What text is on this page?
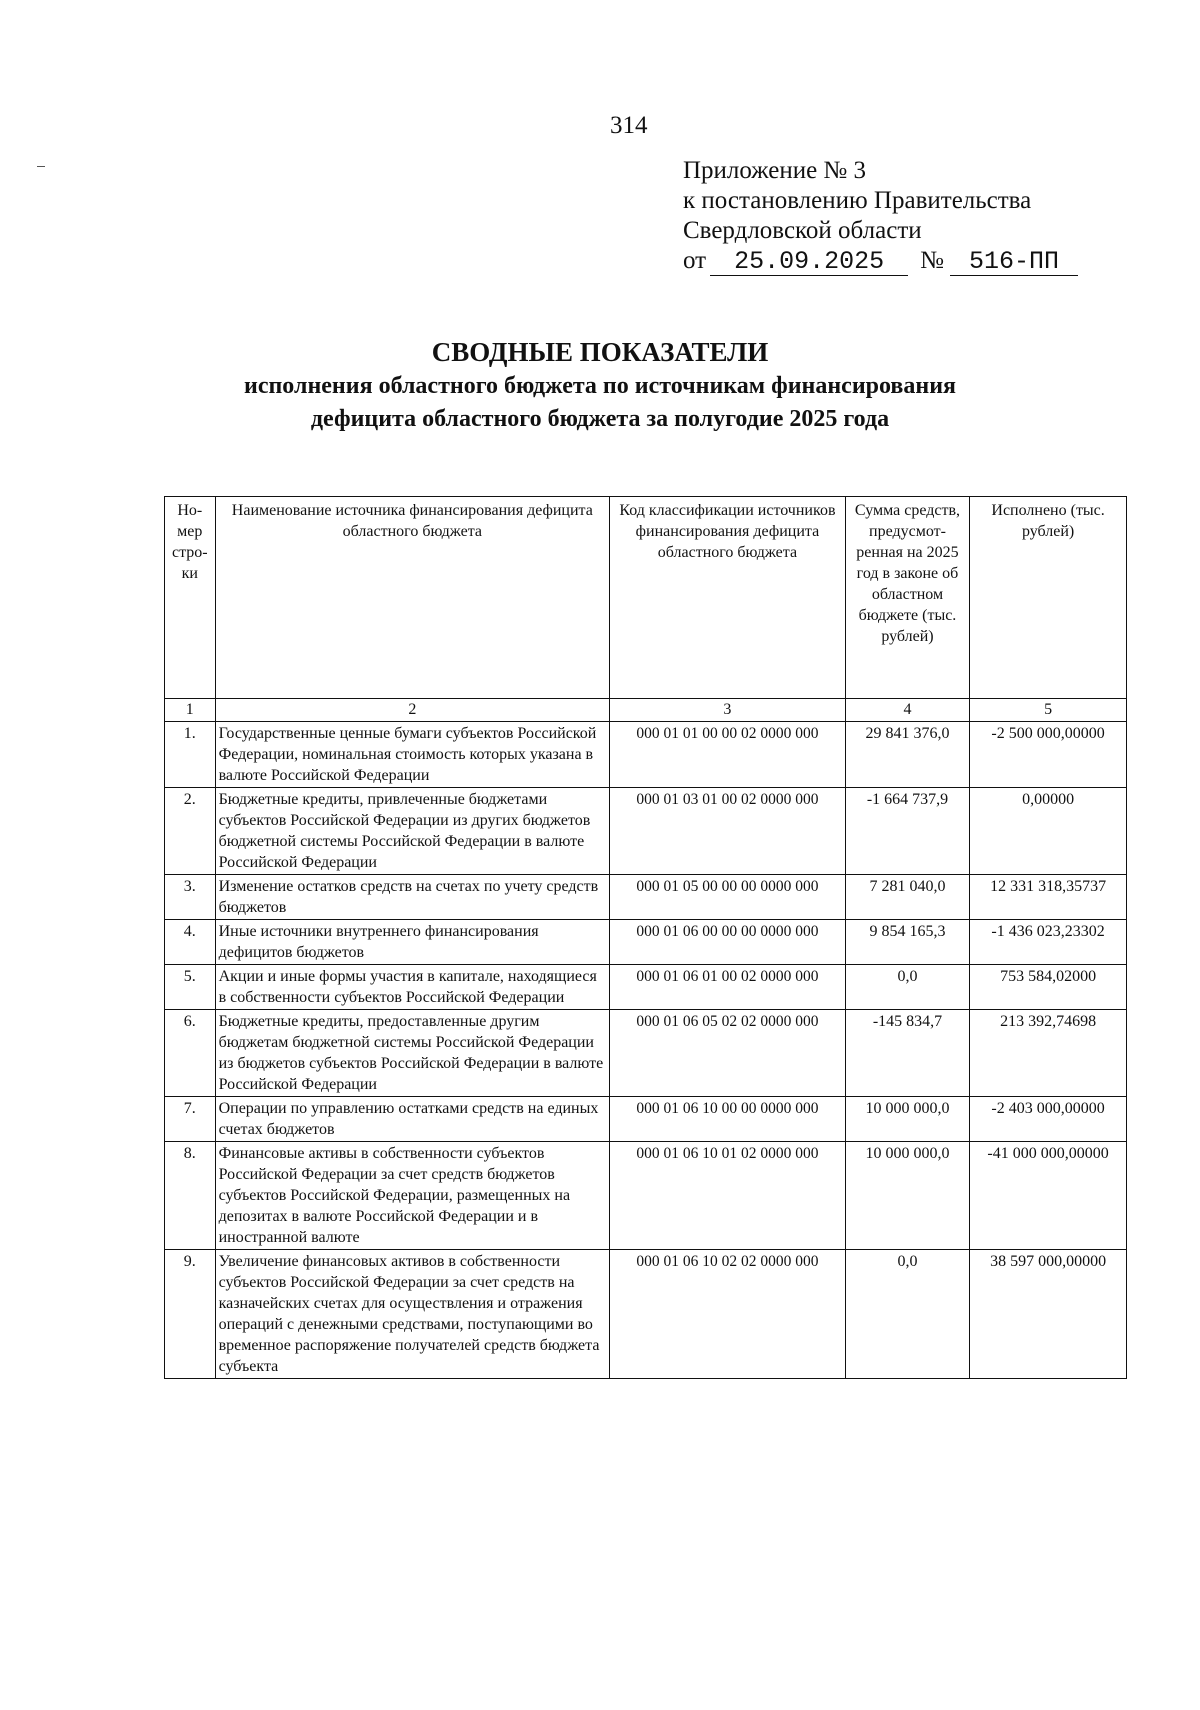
314
Приложение № 3
к постановлению Правительства
Свердловской области
от 25.09.2025 № 516-ПП
СВОДНЫЕ ПОКАЗАТЕЛИ
исполнения областного бюджета по источникам финансирования
дефицита областного бюджета за полугодие 2025 года
Но-
мер
стро-
ки	Наименование источника финансирования дефицита областного бюджета	Код классификации источников финансирования дефицита областного бюджета	Сумма средств, предусмот-ренная на 2025 год в законе об областном бюджете (тыс. рублей)	Исполнено (тыс. рублей)
1	2	3	4	5
1.	Государственные ценные бумаги субъектов Российской Федерации, номинальная стоимость которых указана в валюте Российской Федерации	000 01 01 00 00 02 0000 000	29 841 376,0	-2 500 000,00000
2.	Бюджетные кредиты, привлеченные бюджетами субъектов Российской Федерации из других бюджетов бюджетной системы Российской Федерации в валюте Российской Федерации	000 01 03 01 00 02 0000 000	-1 664 737,9	0,00000
3.	Изменение остатков средств на счетах по учету средств бюджетов	000 01 05 00 00 00 0000 000	7 281 040,0	12 331 318,35737
4.	Иные источники внутреннего финансирования дефицитов бюджетов	000 01 06 00 00 00 0000 000	9 854 165,3	-1 436 023,23302
5.	Акции и иные формы участия в капитале, находящиеся в собственности субъектов Российской Федерации	000 01 06 01 00 02 0000 000	0,0	753 584,02000
6.	Бюджетные кредиты, предоставленные другим бюджетам бюджетной системы Российской Федерации из бюджетов субъектов Российской Федерации в валюте Российской Федерации	000 01 06 05 02 02 0000 000	-145 834,7	213 392,74698
7.	Операции по управлению остатками средств на единых счетах бюджетов	000 01 06 10 00 00 0000 000	10 000 000,0	-2 403 000,00000
8.	Финансовые активы в собственности субъектов Российской Федерации за счет средств бюджетов субъектов Российской Федерации, размещенных на депозитах в валюте Российской Федерации и в иностранной валюте	000 01 06 10 01 02 0000 000	10 000 000,0	-41 000 000,00000
9.	Увеличение финансовых активов в собственности субъектов Российской Федерации за счет средств на казначейских счетах для осуществления и отражения операций с денежными средствами, поступающими во временное распоряжение получателей средств бюджета субъекта	000 01 06 10 02 02 0000 000	0,0	38 597 000,00000
